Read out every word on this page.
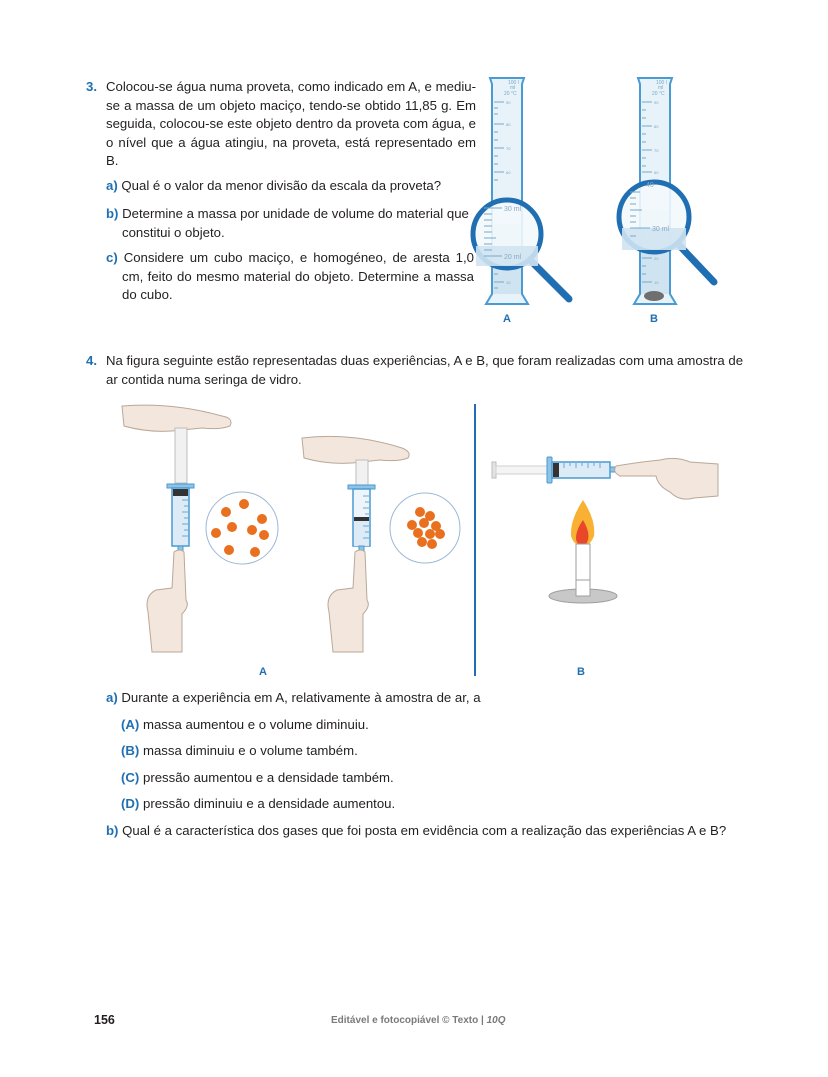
3. Colocou-se água numa proveta, como indicado em A, e mediu-se a massa de um objeto maciço, tendo-se obtido 11,85 g. Em seguida, colocou-se este objeto dentro da proveta com água, e o nível que a água atingiu, na proveta, está representado em B.
a) Qual é o valor da menor divisão da escala da proveta?
b) Determine a massa por unidade de volume do material que constitui o objeto.
c) Considere um cubo maciço, e homogéneo, de aresta 1,0 cm, feito do mesmo material do objeto. Determine a massa do cubo.
100 l
ml
20 °C
90
80
70
60
10
30 ml
20 ml
A
100 l
ml
20 °C
90
80
70
60
20
10
40
30 ml
B
4. Na figura seguinte estão representadas duas experiências, A e B, que foram realizadas com uma amostra de ar contida numa seringa de vidro.
A	B
a) Durante a experiência em A, relativamente à amostra de ar, a
(A) massa aumentou e o volume diminuiu.
(B) massa diminuiu e o volume também.
(C) pressão aumentou e a densidade também.
(D) pressão diminuiu e a densidade aumentou.
b) Qual é a característica dos gases que foi posta em evidência com a realização das experiências A e B?
156	Editável e fotocopiável © Texto | 10Q
